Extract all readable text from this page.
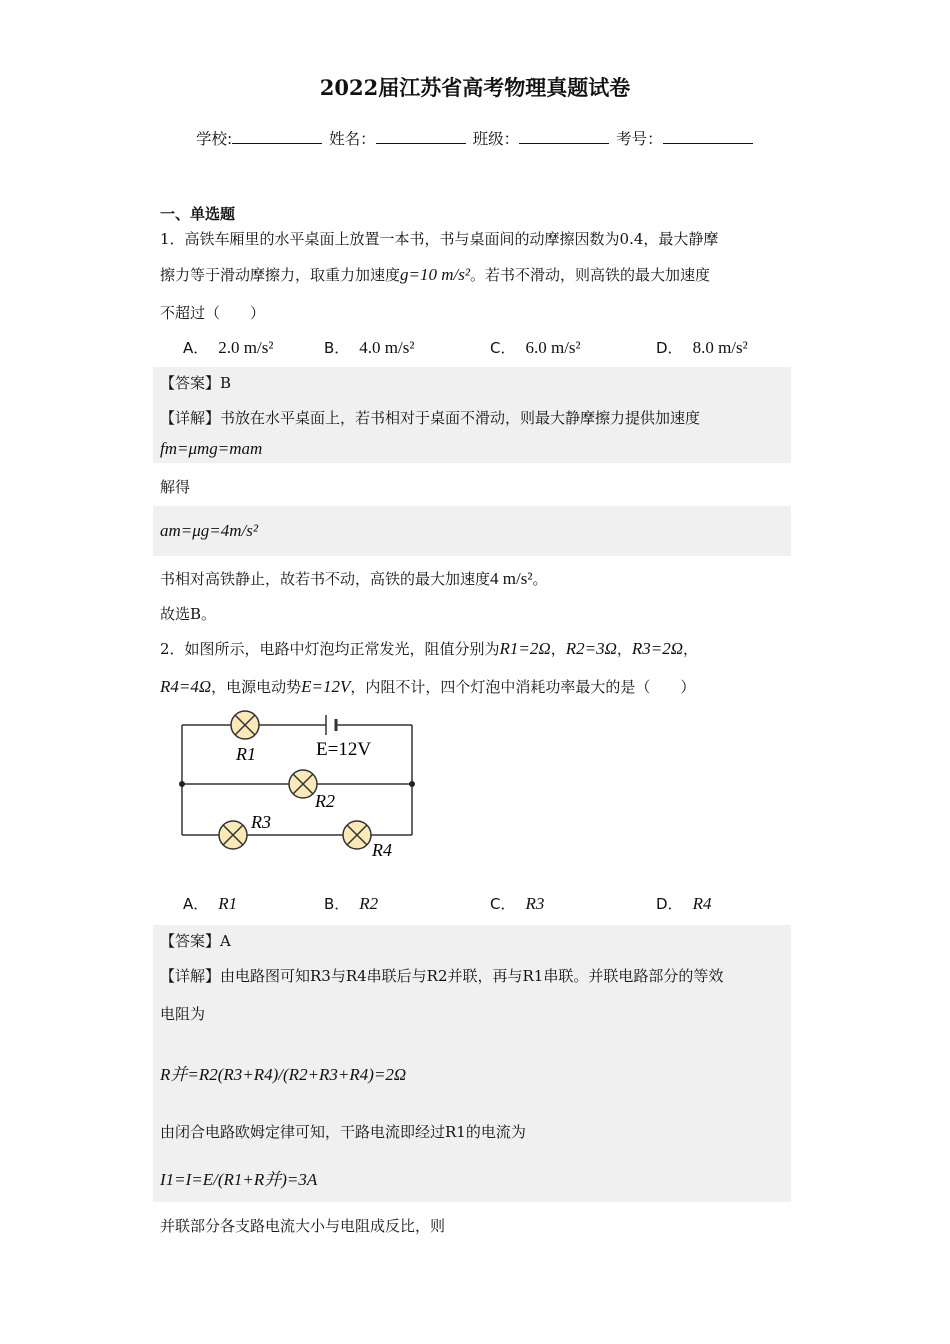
2022届江苏省高考物理真题试卷
学校:	姓名：	班级：	考号：
一、单选题
1．高铁车厢里的水平桌面上放置一本书，书与桌面间的动摩擦因数为0.4，最大静摩
擦力等于滑动摩擦力，取重力加速度g=10 m/s²。若书不滑动，则高铁的最大加速度
不超过（　　）
A． 2.0 m/s²	B． 4.0 m/s²	C． 6.0 m/s²	D． 8.0 m/s²
【答案】B
【详解】书放在水平桌面上，若书相对于桌面不滑动，则最大静摩擦力提供加速度
fm=μmg=mam
解得
am=μg=4m/s²
书相对高铁静止，故若书不动，高铁的最大加速度4 m/s²。
故选B。
2．如图所示，电路中灯泡均正常发光，阻值分别为R1=2Ω，R2=3Ω，R3=2Ω，
R4=4Ω，电源电动势E=12V，内阻不计，四个灯泡中消耗功率最大的是（　　）
R1	E=12V
R2
R3
R4
A． R1	B． R2	C． R3	D． R4
【答案】A
【详解】由电路图可知R3与R4串联后与R2并联，再与R1串联。并联电路部分的等效
电阻为
R并=R2(R3+R4)/(R2+R3+R4)=2Ω
由闭合电路欧姆定律可知，干路电流即经过R1的电流为
I1=I=E/(R1+R并)=3A
并联部分各支路电流大小与电阻成反比，则
